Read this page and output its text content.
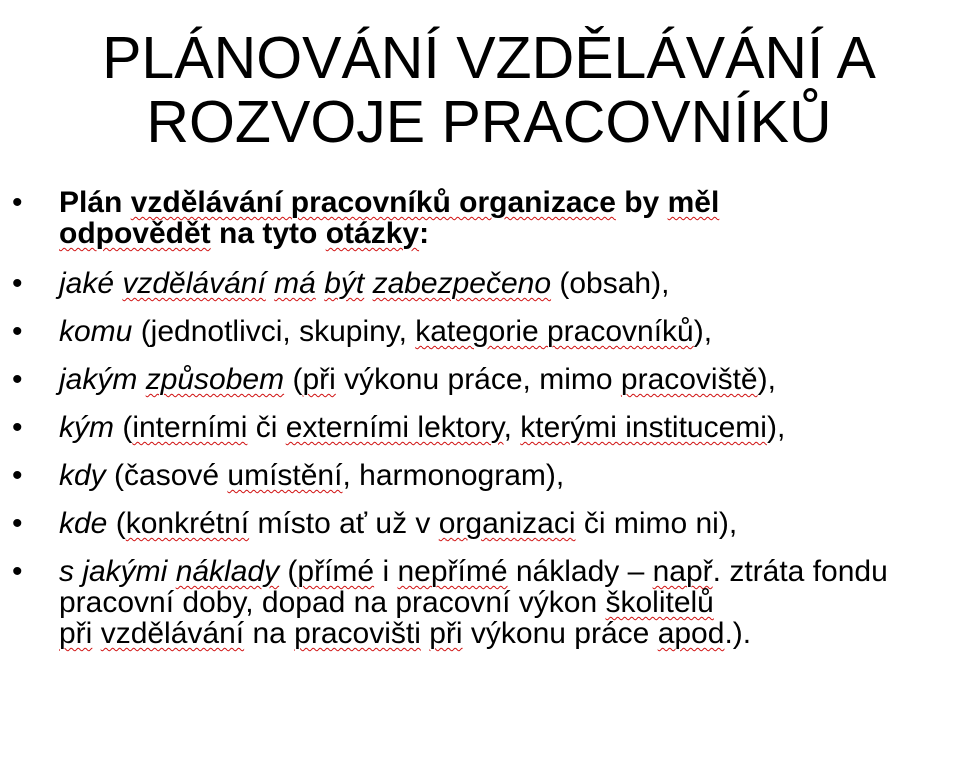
PLÁNOVÁNÍ VZDĚLÁVÁNÍ A
ROZVOJE PRACOVNÍKŮ
• Plán vzdělávání pracovníků organizace by měl
odpovědět na tyto otázky:
• jaké vzdělávání má být zabezpečeno (obsah),
• komu (jednotlivci, skupiny, kategorie pracovníků),
• jakým způsobem (při výkonu práce, mimo pracoviště),
• kým (interními či externími lektory, kterými institucemi),
• kdy (časové umístění, harmonogram),
• kde (konkrétní místo ať už v organizaci či mimo ni),
• s jakými náklady (přímé i nepřímé náklady – např. ztráta fondu pracovní doby, dopad na pracovní výkon školitelů
při vzdělávání na pracovišti při výkonu práce apod.).
